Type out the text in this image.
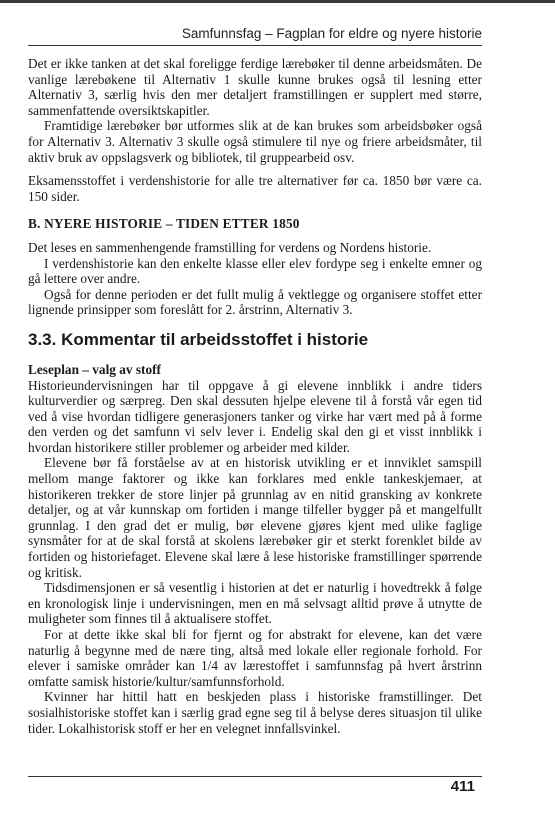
Samfunnsfag – Fagplan for eldre og nyere historie

Det er ikke tanken at det skal foreligge ferdige lærebøker til denne arbeidsmåten. De vanlige lærebøkene til Alternativ 1 skulle kunne brukes også til lesning etter Alternativ 3, særlig hvis den mer detaljert framstillingen er supplert med større, sammenfattende oversiktskapitler.

Framtidige lærebøker bør utformes slik at de kan brukes som arbeidsbøker også for Alternativ 3. Alternativ 3 skulle også stimulere til nye og friere arbeidsmåter, til aktiv bruk av oppslagsverk og bibliotek, til gruppearbeid osv.

Eksamensstoffet i verdenshistorie for alle tre alternativer før ca. 1850 bør være ca. 150 sider.

B. NYERE HISTORIE – TIDEN ETTER 1850

Det leses en sammenhengende framstilling for verdens og Nordens historie.

I verdenshistorie kan den enkelte klasse eller elev fordype seg i enkelte emner og gå lettere over andre.

Også for denne perioden er det fullt mulig å vektlegge og organisere stoffet etter lignende prinsipper som foreslått for 2. årstrinn, Alternativ 3.

3.3. Kommentar til arbeidsstoffet i historie

Leseplan – valg av stoff

Historieundervisningen har til oppgave å gi elevene innblikk i andre tiders kulturverdier og særpreg. Den skal dessuten hjelpe elevene til å forstå vår egen tid ved å vise hvordan tidligere generasjoners tanker og virke har vært med på å forme den verden og det samfunn vi selv lever i. Endelig skal den gi et visst innblikk i hvordan historikere stiller problemer og arbeider med kilder.

Elevene bør få forståelse av at en historisk utvikling er et innviklet samspill mellom mange faktorer og ikke kan forklares med enkle tankeskjemaer, at historikeren trekker de store linjer på grunnlag av en nitid gransking av konkrete detaljer, og at vår kunnskap om fortiden i mange tilfeller bygger på et mangelfullt grunnlag. I den grad det er mulig, bør elevene gjøres kjent med ulike faglige synsmåter for at de skal forstå at skolens lærebøker gir et sterkt forenklet bilde av fortiden og historiefaget. Elevene skal lære å lese historiske framstillinger spørrende og kritisk.

Tidsdimensjonen er så vesentlig i historien at det er naturlig i hovedtrekk å følge en kronologisk linje i undervisningen, men en må selvsagt alltid prøve å utnytte de muligheter som finnes til å aktualisere stoffet.

For at dette ikke skal bli for fjernt og for abstrakt for elevene, kan det være naturlig å begynne med de nære ting, altså med lokale eller regionale forhold. For elever i samiske områder kan 1/4 av lærestoffet i samfunnsfag på hvert årstrinn omfatte samisk historie/kultur/samfunnsforhold.

Kvinner har hittil hatt en beskjeden plass i historiske framstillinger. Det sosialhistoriske stoffet kan i særlig grad egne seg til å belyse deres situasjon til ulike tider. Lokalhistorisk stoff er her en velegnet innfallsvinkel.

411
